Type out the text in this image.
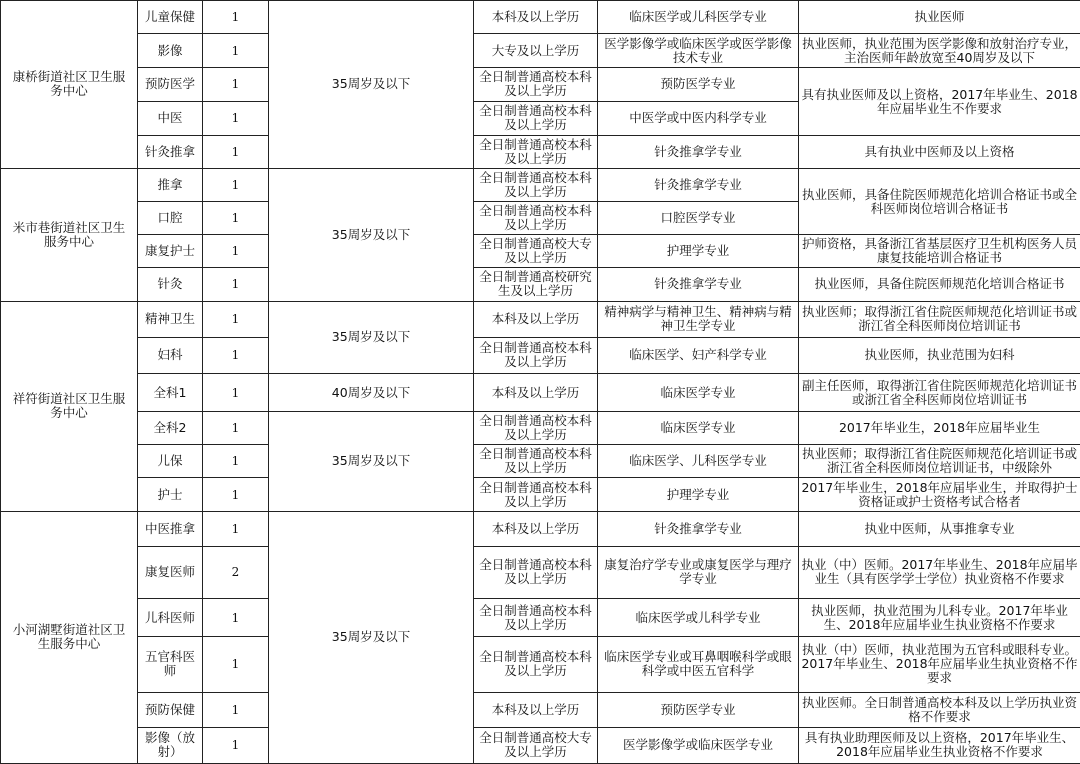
康桥街道社区卫生服务中心	儿童保健	1	35周岁及以下	本科及以上学历	临床医学或儿科医学专业	执业医师
	影像	1		大专及以上学历	医学影像学或临床医学或医学影像技术专业	执业医师，执业范围为医学影像和放射治疗专业，主治医师年龄放宽至40周岁及以下
	预防医学	1		全日制普通高校本科及以上学历	预防医学专业	具有执业医师及以上资格，2017年毕业生、2018年应届毕业生不作要求
	中医	1		全日制普通高校本科及以上学历	中医学或中医内科学专业	
	针灸推拿	1		全日制普通高校本科及以上学历	针灸推拿学专业	具有执业中医师及以上资格
米市巷街道社区卫生服务中心	推拿	1	35周岁及以下	全日制普通高校本科及以上学历	针灸推拿学专业	执业医师，具备住院医师规范化培训合格证书或全科医师岗位培训合格证书
	口腔	1		全日制普通高校本科及以上学历	口腔医学专业	
	康复护士	1		全日制普通高校大专及以上学历	护理学专业	护师资格，具备浙江省基层医疗卫生机构医务人员康复技能培训合格证书
	针灸	1		全日制普通高校研究生及以上学历	针灸推拿学专业	执业医师，具备住院医师规范化培训合格证书
祥符街道社区卫生服务中心	精神卫生	1	35周岁及以下	本科及以上学历	精神病学与精神卫生、精神病与精神卫生学专业	执业医师；取得浙江省住院医师规范化培训证书或浙江省全科医师岗位培训证书
	妇科	1		全日制普通高校本科及以上学历	临床医学、妇产科学专业	执业医师，执业范围为妇科
	全科1	1	40周岁及以下	本科及以上学历	临床医学专业	副主任医师，取得浙江省住院医师规范化培训证书或浙江省全科医师岗位培训证书
	全科2	1	35周岁及以下	全日制普通高校本科及以上学历	临床医学专业	2017年毕业生，2018年应届毕业生
	儿保	1		全日制普通高校本科及以上学历	临床医学、儿科医学专业	执业医师；取得浙江省住院医师规范化培训证书或浙江省全科医师岗位培训证书，中级除外
	护士	1		全日制普通高校本科及以上学历	护理学专业	2017年毕业生，2018年应届毕业生，并取得护士资格证或护士资格考试合格者
小河湖墅街道社区卫生服务中心	中医推拿	1	35周岁及以下	本科及以上学历	针灸推拿学专业	执业中医师，从事推拿专业
	康复医师	2		全日制普通高校本科及以上学历	康复治疗学专业或康复医学与理疗学专业	执业（中）医师。2017年毕业生、2018年应届毕业生（具有医学学士学位）执业资格不作要求
	儿科医师	1		全日制普通高校本科及以上学历	临床医学或儿科学专业	执业医师，执业范围为儿科专业。2017年毕业生、2018年应届毕业生执业资格不作要求
	五官科医师	1		全日制普通高校本科及以上学历	临床医学专业或耳鼻咽喉科学或眼科学或中医五官科学	执业（中）医师，执业范围为五官科或眼科专业。2017年毕业生、2018年应届毕业生执业资格不作要求
	预防保健	1		本科及以上学历	预防医学专业	执业医师。全日制普通高校本科及以上学历执业资格不作要求
	影像（放射）	1		全日制普通高校大专及以上学历	医学影像学或临床医学专业	具有执业助理医师及以上资格，2017年毕业生、2018年应届毕业生执业资格不作要求
